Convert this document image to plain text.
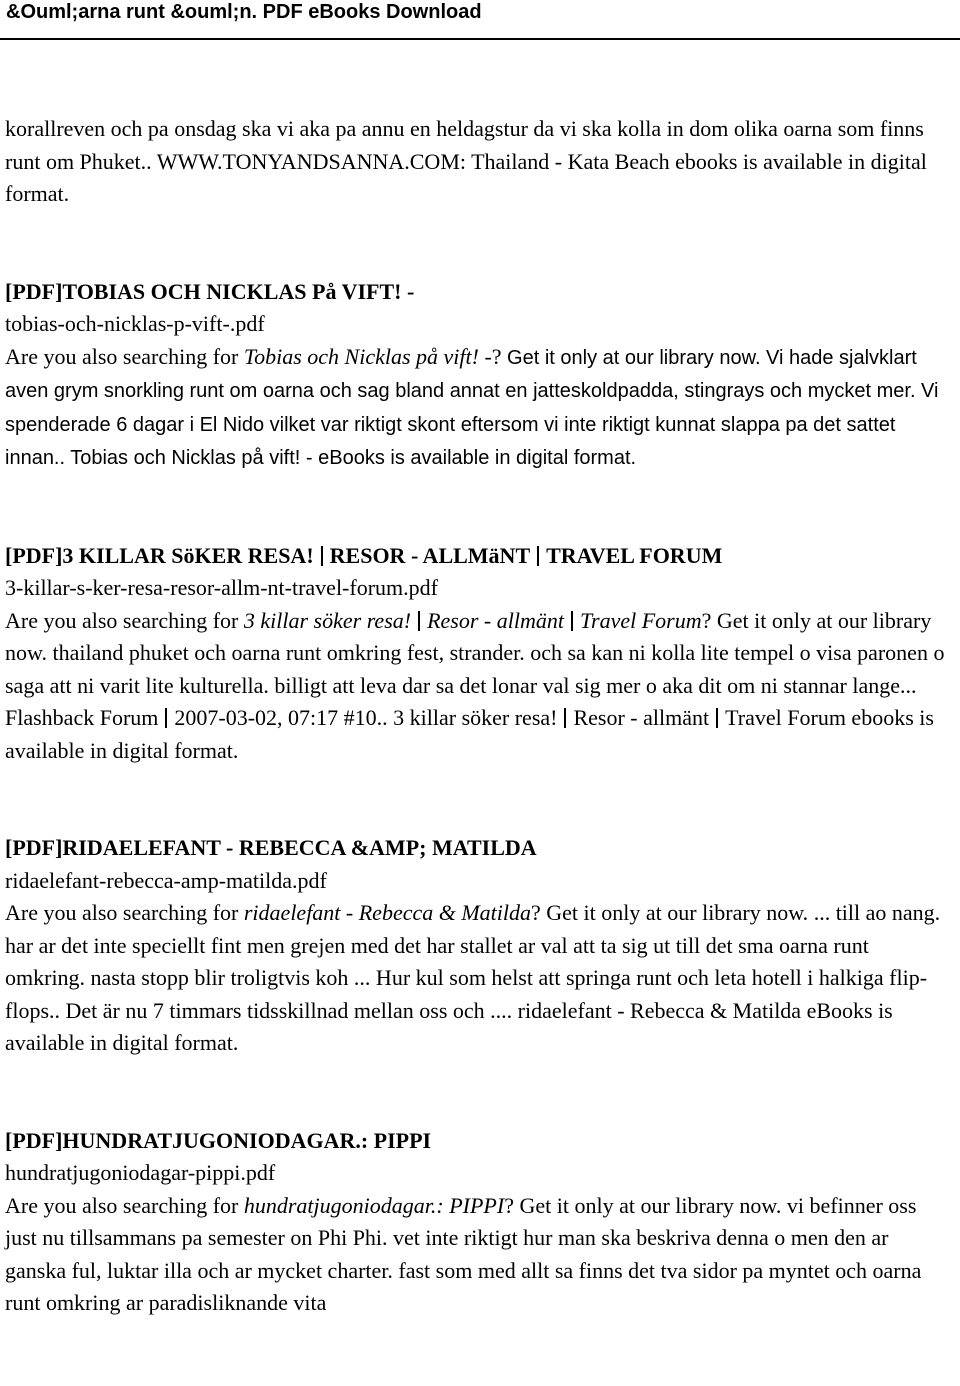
&Ouml;arna runt &ouml;n. PDF eBooks Download

korallreven och pa onsdag ska vi aka pa annu en heldagstur da vi ska kolla in dom olika oarna som finns runt om Phuket.. WWW.TONYANDSANNA.COM: Thailand - Kata Beach ebooks is available in digital format.

[PDF]TOBIAS OCH NICKLAS På VIFT! -

tobias-och-nicklas-p-vift-.pdf

Are you also searching for Tobias och Nicklas på vift! -? Get it only at our library now. Vi hade sjalvklart aven grym snorkling runt om oarna och sag bland annat en jatteskoldpadda, stingrays och mycket mer. Vi spenderade 6 dagar i El Nido vilket var riktigt skont eftersom vi inte riktigt kunnat slappa pa det sattet innan.. Tobias och Nicklas på vift! - eBooks is available in digital format.

[PDF]3 KILLAR SöKER RESA! RESOR - ALLMäNT TRAVEL FORUM

3-killar-s-ker-resa-resor-allm-nt-travel-forum.pdf

Are you also searching for 3 killar söker resa! Resor - allmänt Travel Forum? Get it only at our library now. thailand phuket och oarna runt omkring fest, strander. och sa kan ni kolla lite tempel o visa paronen o saga att ni varit lite kulturella. billigt att leva dar sa det lonar val sig mer o aka dit om ni stannar lange... Flashback Forum 2007-03-02, 07:17 #10.. 3 killar söker resa! Resor - allmänt Travel Forum ebooks is available in digital format.

[PDF]RIDAELEFANT - REBECCA &AMP; MATILDA

ridaelefant-rebecca-amp-matilda.pdf

Are you also searching for ridaelefant - Rebecca & Matilda? Get it only at our library now. ... till ao nang. har ar det inte speciellt fint men grejen med det har stallet ar val att ta sig ut till det sma oarna runt omkring. nasta stopp blir troligtvis koh ... Hur kul som helst att springa runt och leta hotell i halkiga flip-flops.. Det är nu 7 timmars tidsskillnad mellan oss och .... ridaelefant - Rebecca & Matilda eBooks is available in digital format.

[PDF]HUNDRATJUGONIODAGAR.: PIPPI

hundratjugoniodagar-pippi.pdf

Are you also searching for hundratjugoniodagar.: PIPPI? Get it only at our library now. vi befinner oss just nu tillsammans pa semester on Phi Phi. vet inte riktigt hur man ska beskriva denna o men den ar ganska ful, luktar illa och ar mycket charter. fast som med allt sa finns det tva sidor pa myntet och oarna runt omkring ar paradisliknande vita
